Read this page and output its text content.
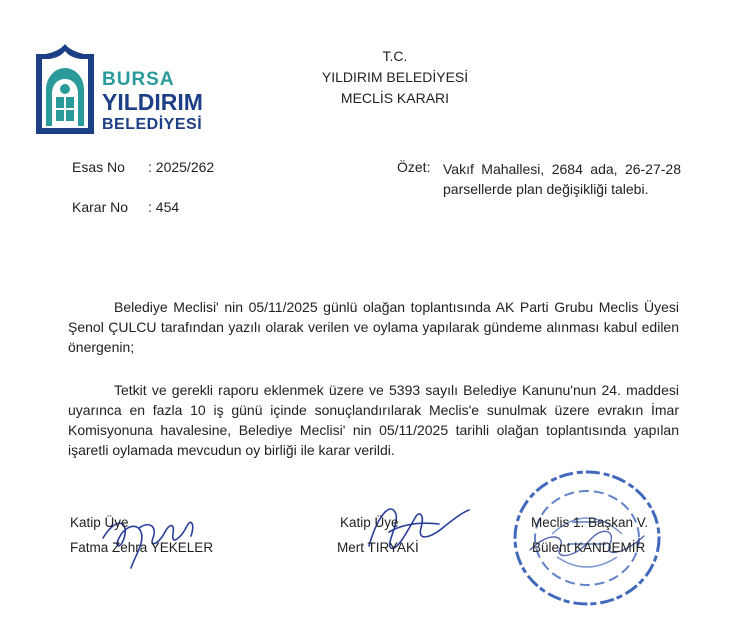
BURSA
YILDIRIM
BELEDİYESİ
T.C.
YILDIRIM BELEDİYESİ
MECLİS KARARI
Esas No : 2025/262
Karar No : 454
Özet: Vakıf Mahallesi, 2684 ada, 26-27-28 parsellerde plan değişikliği talebi.
Belediye Meclisi' nin 05/11/2025 günlü olağan toplantısında AK Parti Grubu Meclis Üyesi Şenol ÇULCU tarafından yazılı olarak verilen ve oylama yapılarak gündeme alınması kabul edilen önergenin;
Tetkit ve gerekli raporu eklenmek üzere ve 5393 sayılı Belediye Kanunu'nun 24. maddesi uyarınca en fazla 10 iş günü içinde sonuçlandırılarak Meclis'e sunulmak üzere evrakın İmar Komisyonuna havalesine, Belediye Meclisi' nin 05/11/2025 tarihli olağan toplantısında yapılan işaretli oylamada mevcudun oy birliği ile karar verildi.
Katip Üye
Fatma Zehra YEKELER
Katip Üye
Mert TIRYAKİ
Meclis 1. Başkan V.
Bülent KANDEMİR
